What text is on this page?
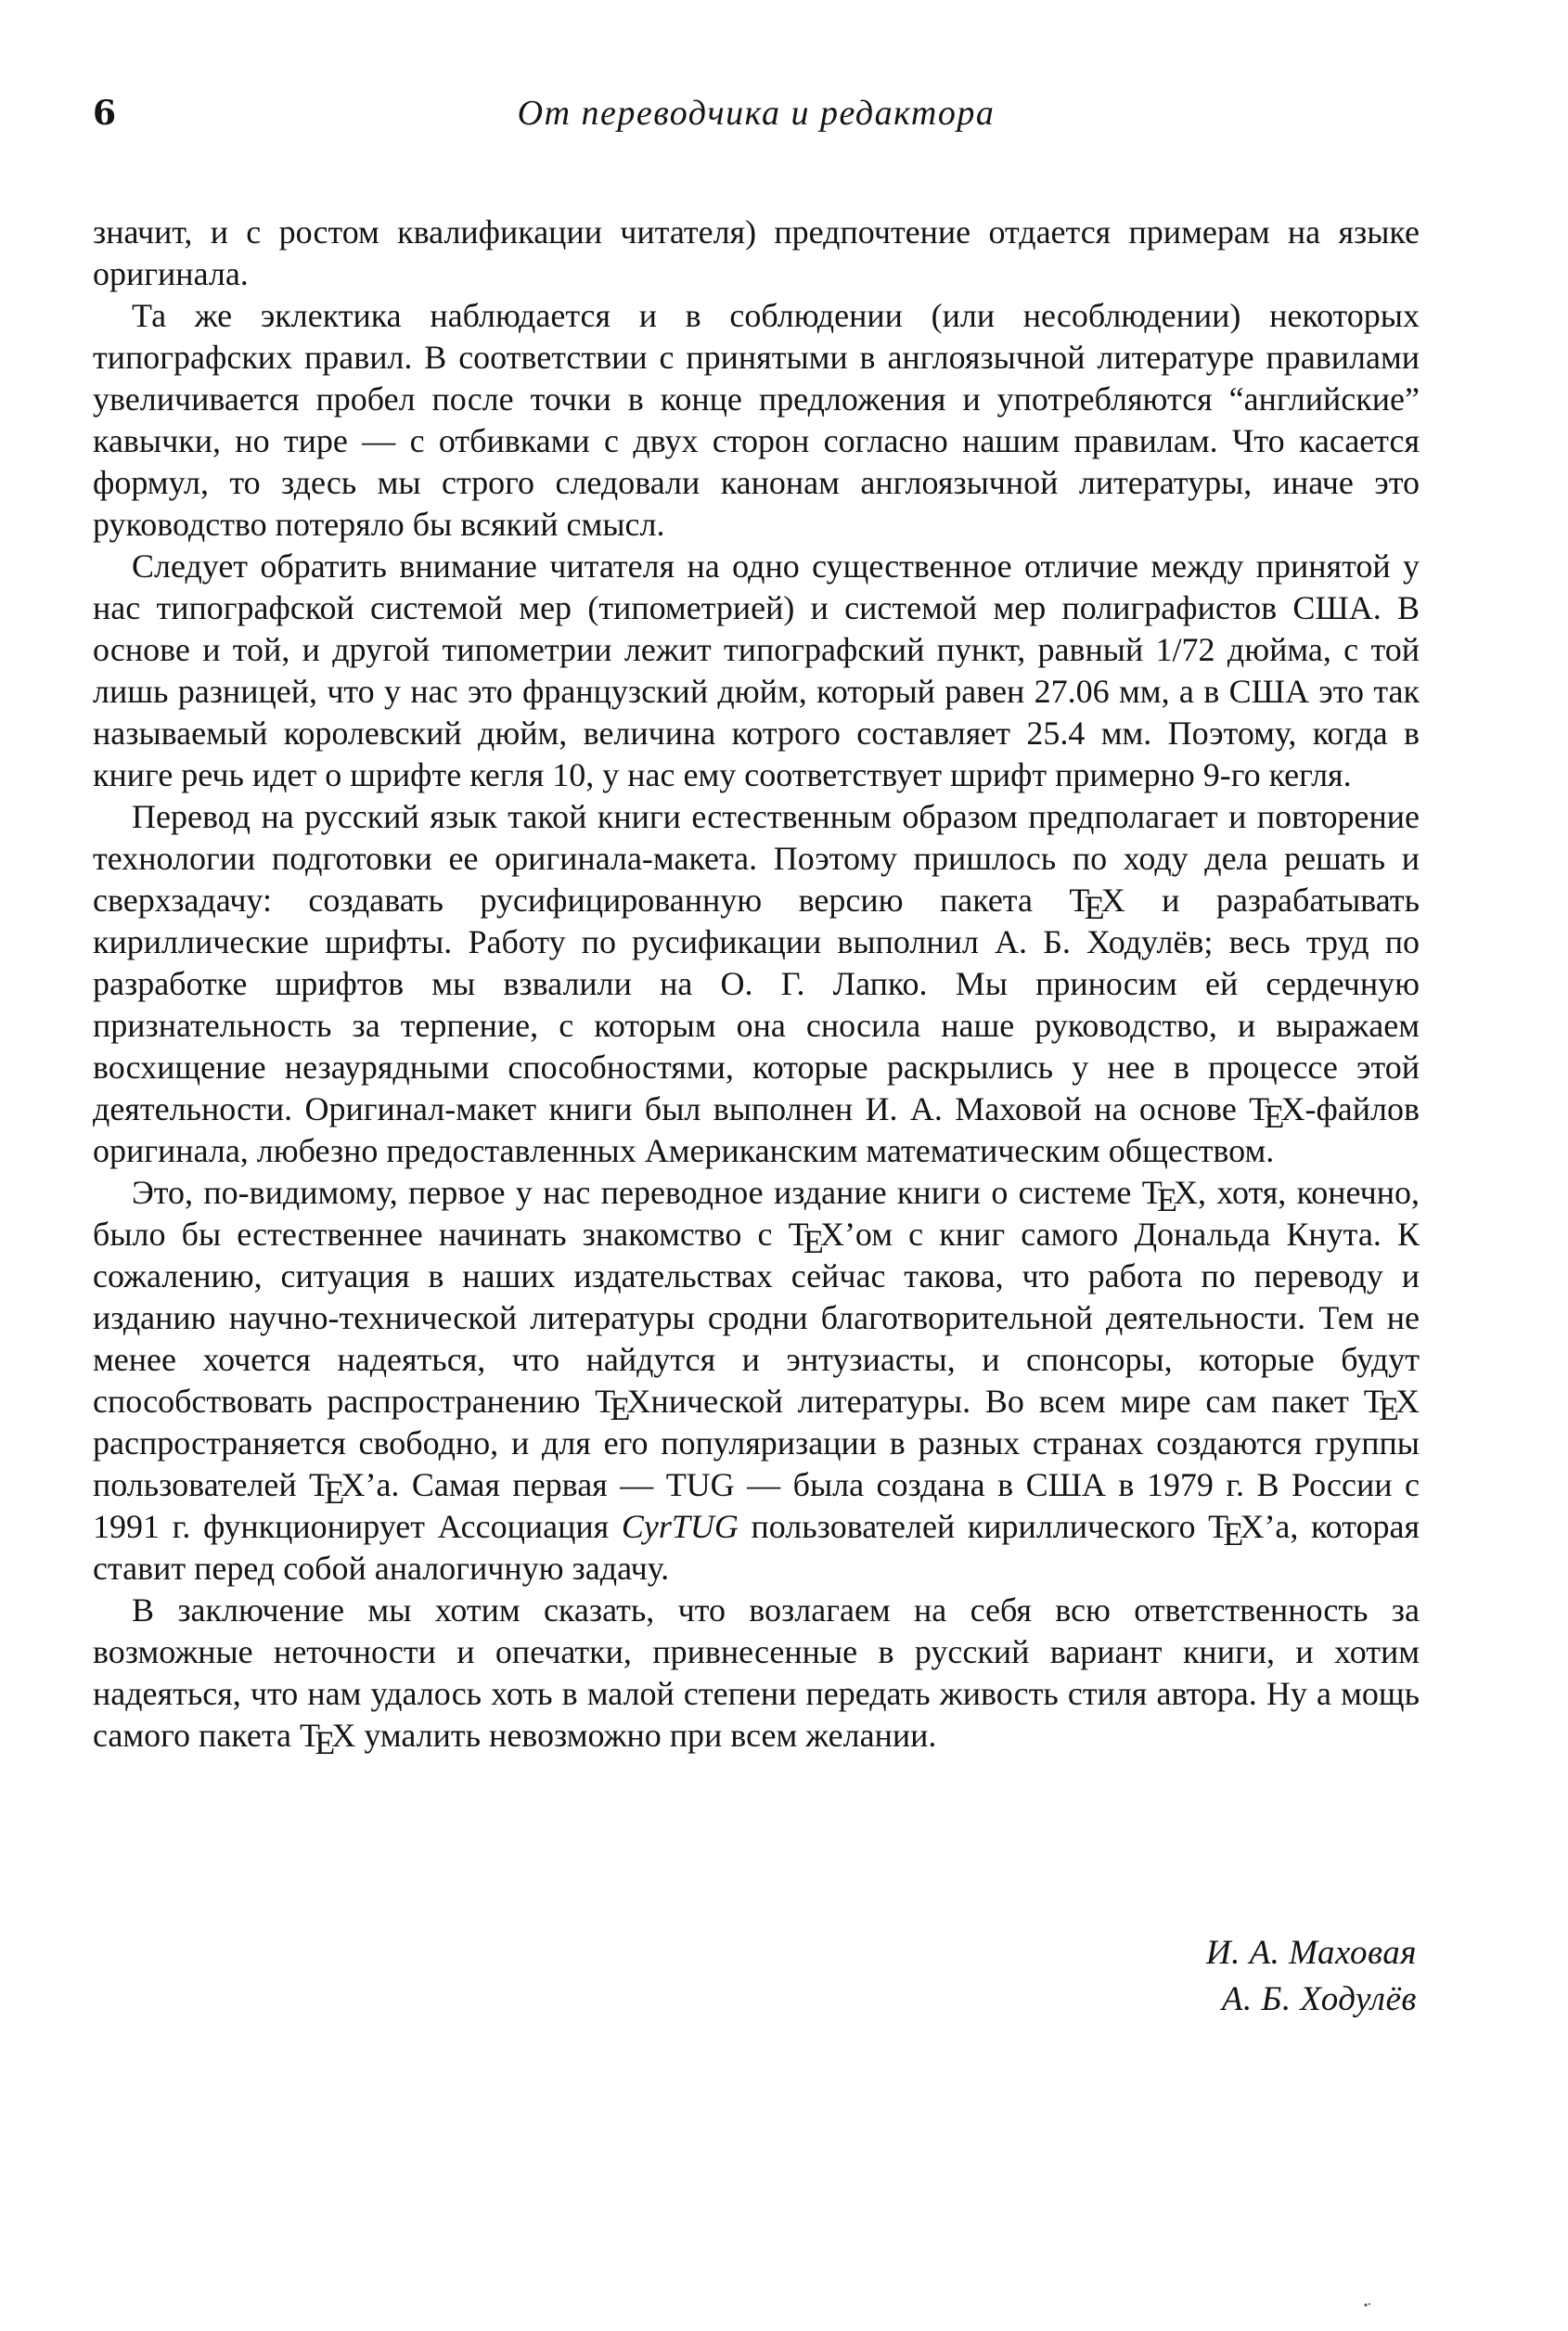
6	От переводчика и редактора

значит, и с ростом квалификации читателя) предпочтение отдается примерам на языке оригинала.

Та же эклектика наблюдается и в соблюдении (или несоблюдении) некоторых типографских правил. В соответствии с принятыми в англоязычной литературе правилами увеличивается пробел после точки в конце предложения и употребляются “английские” кавычки, но тире — с отбивками с двух сторон согласно нашим правилам. Что касается формул, то здесь мы строго следовали канонам англоязычной литературы, иначе это руководство потеряло бы всякий смысл.

Следует обратить внимание читателя на одно существенное отличие между принятой у нас типографской системой мер (типометрией) и системой мер полиграфистов США. В основе и той, и другой типометрии лежит типографский пункт, равный 1/72 дюйма, с той лишь разницей, что у нас это французский дюйм, который равен 27.06 мм, а в США это так называемый королевский дюйм, величина котрого составляет 25.4 мм. Поэтому, когда в книге речь идет о шрифте кегля 10, у нас ему соответствует шрифт примерно 9-го кегля.

Перевод на русский язык такой книги естественным образом предполагает и повторение технологии подготовки ее оригинала-макета. Поэтому пришлось по ходу дела решать и сверхзадачу: создавать русифицированную версию пакета TEX и разрабатывать кириллические шрифты. Работу по русификации выполнил А. Б. Ходулёв; весь труд по разработке шрифтов мы взвалили на О. Г. Лапко. Мы приносим ей сердечную признательность за терпение, с которым она сносила наше руководство, и выражаем восхищение незаурядными способностями, которые раскрылись у нее в процессе этой деятельности. Оригинал-макет книги был выполнен И. А. Маховой на основе TEX-файлов оригинала, любезно предоставленных Американским математическим обществом.

Это, по-видимому, первое у нас переводное издание книги о системе TEX, хотя, конечно, было бы естественнее начинать знакомство с TEX’ом с книг самого Дональда Кнута. К сожалению, ситуация в наших издательствах сейчас такова, что работа по переводу и изданию научно-технической литературы сродни благотворительной деятельности. Тем не менее хочется надеяться, что найдутся и энтузиасты, и спонсоры, которые будут способствовать распространению TEXнической литературы. Во всем мире сам пакет TEX распространяется свободно, и для его популяризации в разных странах создаются группы пользователей TEX’а. Самая первая — TUG — была создана в США в 1979 г. В России с 1991 г. функционирует Ассоциация CyrTUG пользователей кириллического TEX’а, которая ставит перед собой аналогичную задачу.

В заключение мы хотим сказать, что возлагаем на себя всю ответственность за возможные неточности и опечатки, привнесенные в русский вариант книги, и хотим надеяться, что нам удалось хоть в малой степени передать живость стиля автора. Ну а мощь самого пакета TEX умалить невозможно при всем желании.

И. А. Маховая
А. Б. Ходулёв
